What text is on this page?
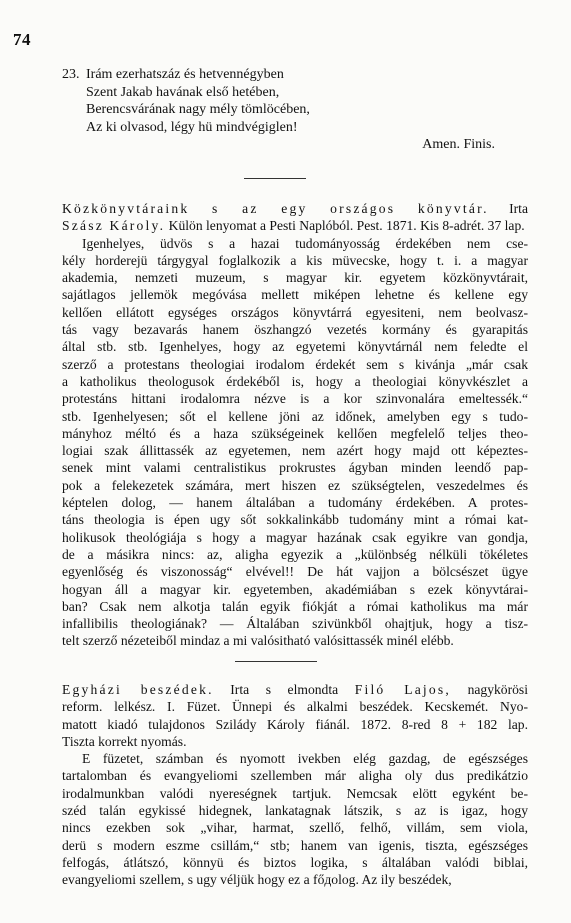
74
23. Irám ezerhatszáz és hetvennégyben
Szent Jakab havának első hetében,
Berencsvárának nagy mély tömlöcében,
Az ki olvasod, légy hü mindvégiglen!
Amen. Finis.
Közkönyvtáraink s az egy országos könyvtár. Irta
Szász Károly. Külön lenyomat a Pesti Naplóból. Pest. 1871. Kis 8-adrét. 37 lap.
Igenhelyes, üdvös s a hazai tudományosság érdekében nem cse-
kély horderejü tárgygyal foglalkozik a kis müvecske, hogy t. i. a magyar
akademia, nemzeti muzeum, s magyar kir. egyetem közkönyvtárait,
sajátlagos jellemök megóvása mellett miképen lehetne és kellene egy
kellően ellátott egységes országos könyvtárrá egyesiteni, nem beolvasz-
tás vagy bezavarás hanem öszhangzó vezetés kormány és gyarapitás
által stb. stb. Igenhelyes, hogy az egyetemi könyvtárnál nem feledte el
szerző a protestans theologiai irodalom érdekét sem s kivánja „már csak
a katholikus theologusok érdekéből is, hogy a theologiai könyvkészlet a
protestáns hittani irodalomra nézve is a kor szinvonalára emeltessék.“
stb. Igenhelyesen; sőt el kellene jöni az időnek, amelyben egy s tudo-
mányhoz méltó és a haza szükségeinek kellően megfelelő teljes theo-
logiai szak állittassék az egyetemen, nem azért hogy majd ott képeztes-
senek mint valami centralistikus prokrustes ágyban minden leendő pap-
pok a felekezetek számára, mert hiszen ez szükségtelen, veszedelmes és
képtelen dolog, — hanem általában a tudomány érdekében. A protes-
táns theologia is épen ugy sőt sokkalinkább tudomány mint a római kat-
holikusok theológiája s hogy a magyar hazának csak egyikre van gondja,
de a másikra nincs: az, aligha egyezik a „különbség nélküli tökéletes
egyenlőség és viszonosság“ elvével!! De hát vajjon a bölcsészet ügye
hogyan áll a magyar kir. egyetemben, akadémiában s ezek könyvtárai-
ban? Csak nem alkotja talán egyik fiókját a római katholikus ma már
infallibilis theologiának? — Általában szivünkből ohajtjuk, hogy a tisz-
telt szerző nézeteiből mindaz a mi valósitható valósittassék minél elébb.
Egyházi beszédek. Irta s elmondta Filó Lajos, nagykörösi
reform. lelkész. I. Füzet. Ünnepi és alkalmi beszédek. Kecskemét. Nyo-
matott kiadó tulajdonos Szilády Károly fiánál. 1872. 8-red 8 + 182 lap.
Tiszta korrekt nyomás.
E füzetet, számban és nyomott ivekben elég gazdag, de egészséges
tartalomban és evangyeliomi szellemben már aligha oly dus predikátzio
irodalmunkban valódi nyereségnek tartjuk. Nemcsak elött egyként be-
széd talán egykissé hidegnek, lankatagnak látszik, s az is igaz, hogy
nincs ezekben sok „vihar, harmat, szellő, felhő, villám, sem viola,
derü s modern eszme csillám,“ stb; hanem van igenis, tiszta, egészséges
felfogás, átlátszó, könnyü és biztos logika, s általában valódi biblai,
evangyeliomi szellem, s ugy véljük hogy ez a főдolog. Az ily beszédek,
